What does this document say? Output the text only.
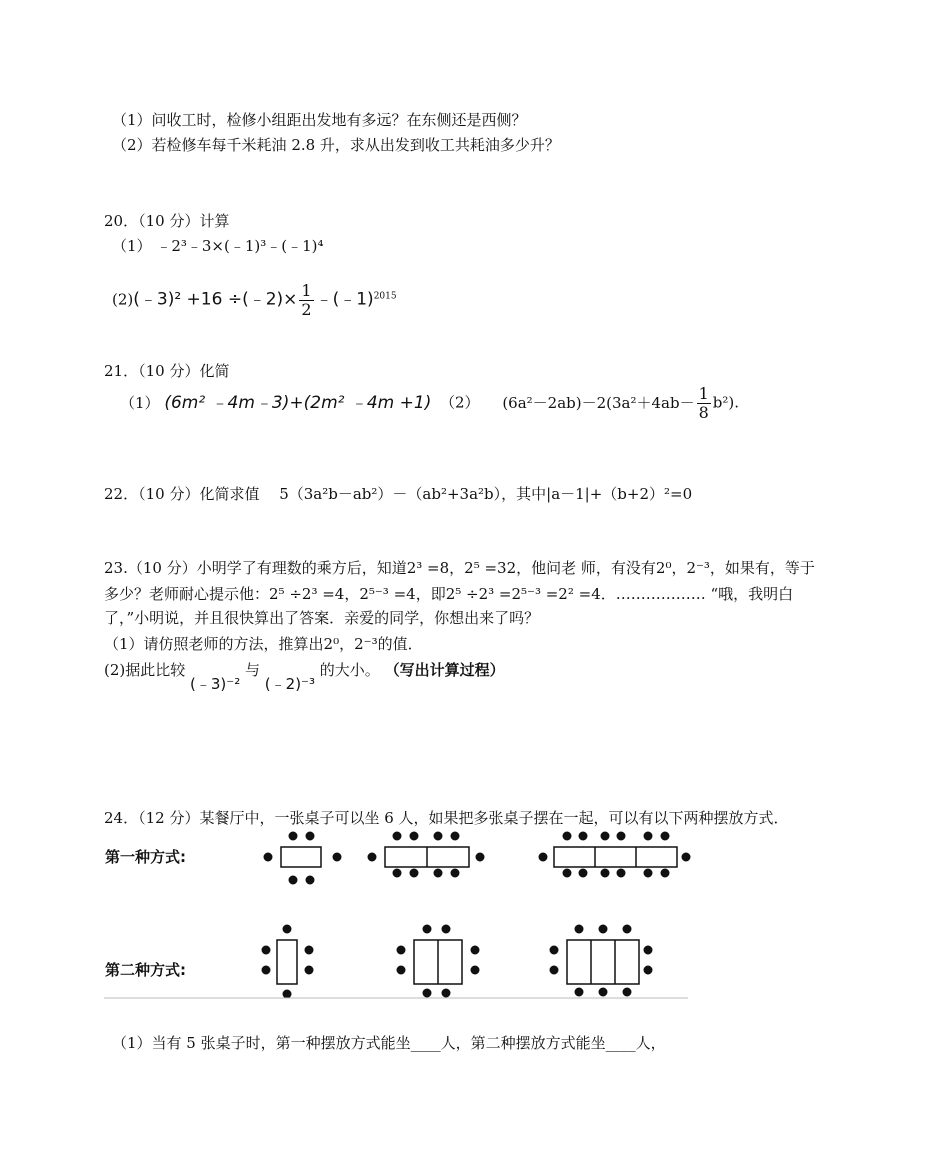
（1）问收工时，检修小组距出发地有多远？在东侧还是西侧？
（2）若检修车每千米耗油 2.8 升，求从出发到收工共耗油多少升？
20．（10 分）计算
（1） ﹣2³﹣3×(﹣1)³﹣(﹣1)⁴
(2)(﹣3)² +16 ÷(﹣2)× $\frac{1}{2}$ ﹣(﹣1)$^{2015}$
21．（10 分）化简
（1） (6m² ﹣4m﹣3)+(2m² ﹣4m +1) （2） $(6a^2-2ab)-2(3a^2+4ab- \frac{1}{8} b^2)$.
22．（10 分）化简求值　 5（3a²b－ab²）－（ab²+3a²b），其中|a－1|+（b+2）²=0
23.（10 分）小明学了有理数的乘方后，知道2³ =8，2⁵ =32，他问老 师，有没有2⁰，2⁻³，如果有，等于
多少？老师耐心提示他：2⁵ ÷2³ =4，2⁵⁻³ =4，即2⁵ ÷2³ =2⁵⁻³ =2² =4．……………… “哦，我明白
了，”小明说，并且很快算出了答案．亲爱的同学，你想出来了吗？
（1）请仿照老师的方法，推算出2⁰，2⁻³的值．
(2)据此比较 (﹣3)⁻² 与 (﹣2)⁻³ 的大小。 （写出计算过程）
24．（12 分）某餐厅中，一张桌子可以坐 6 人，如果把多张桌子摆在一起，可以有以下两种摆放方式．
第一种方式:
第二种方式:
（1）当有 5 张桌子时，第一种摆放方式能坐____人，第二种摆放方式能坐____人，
